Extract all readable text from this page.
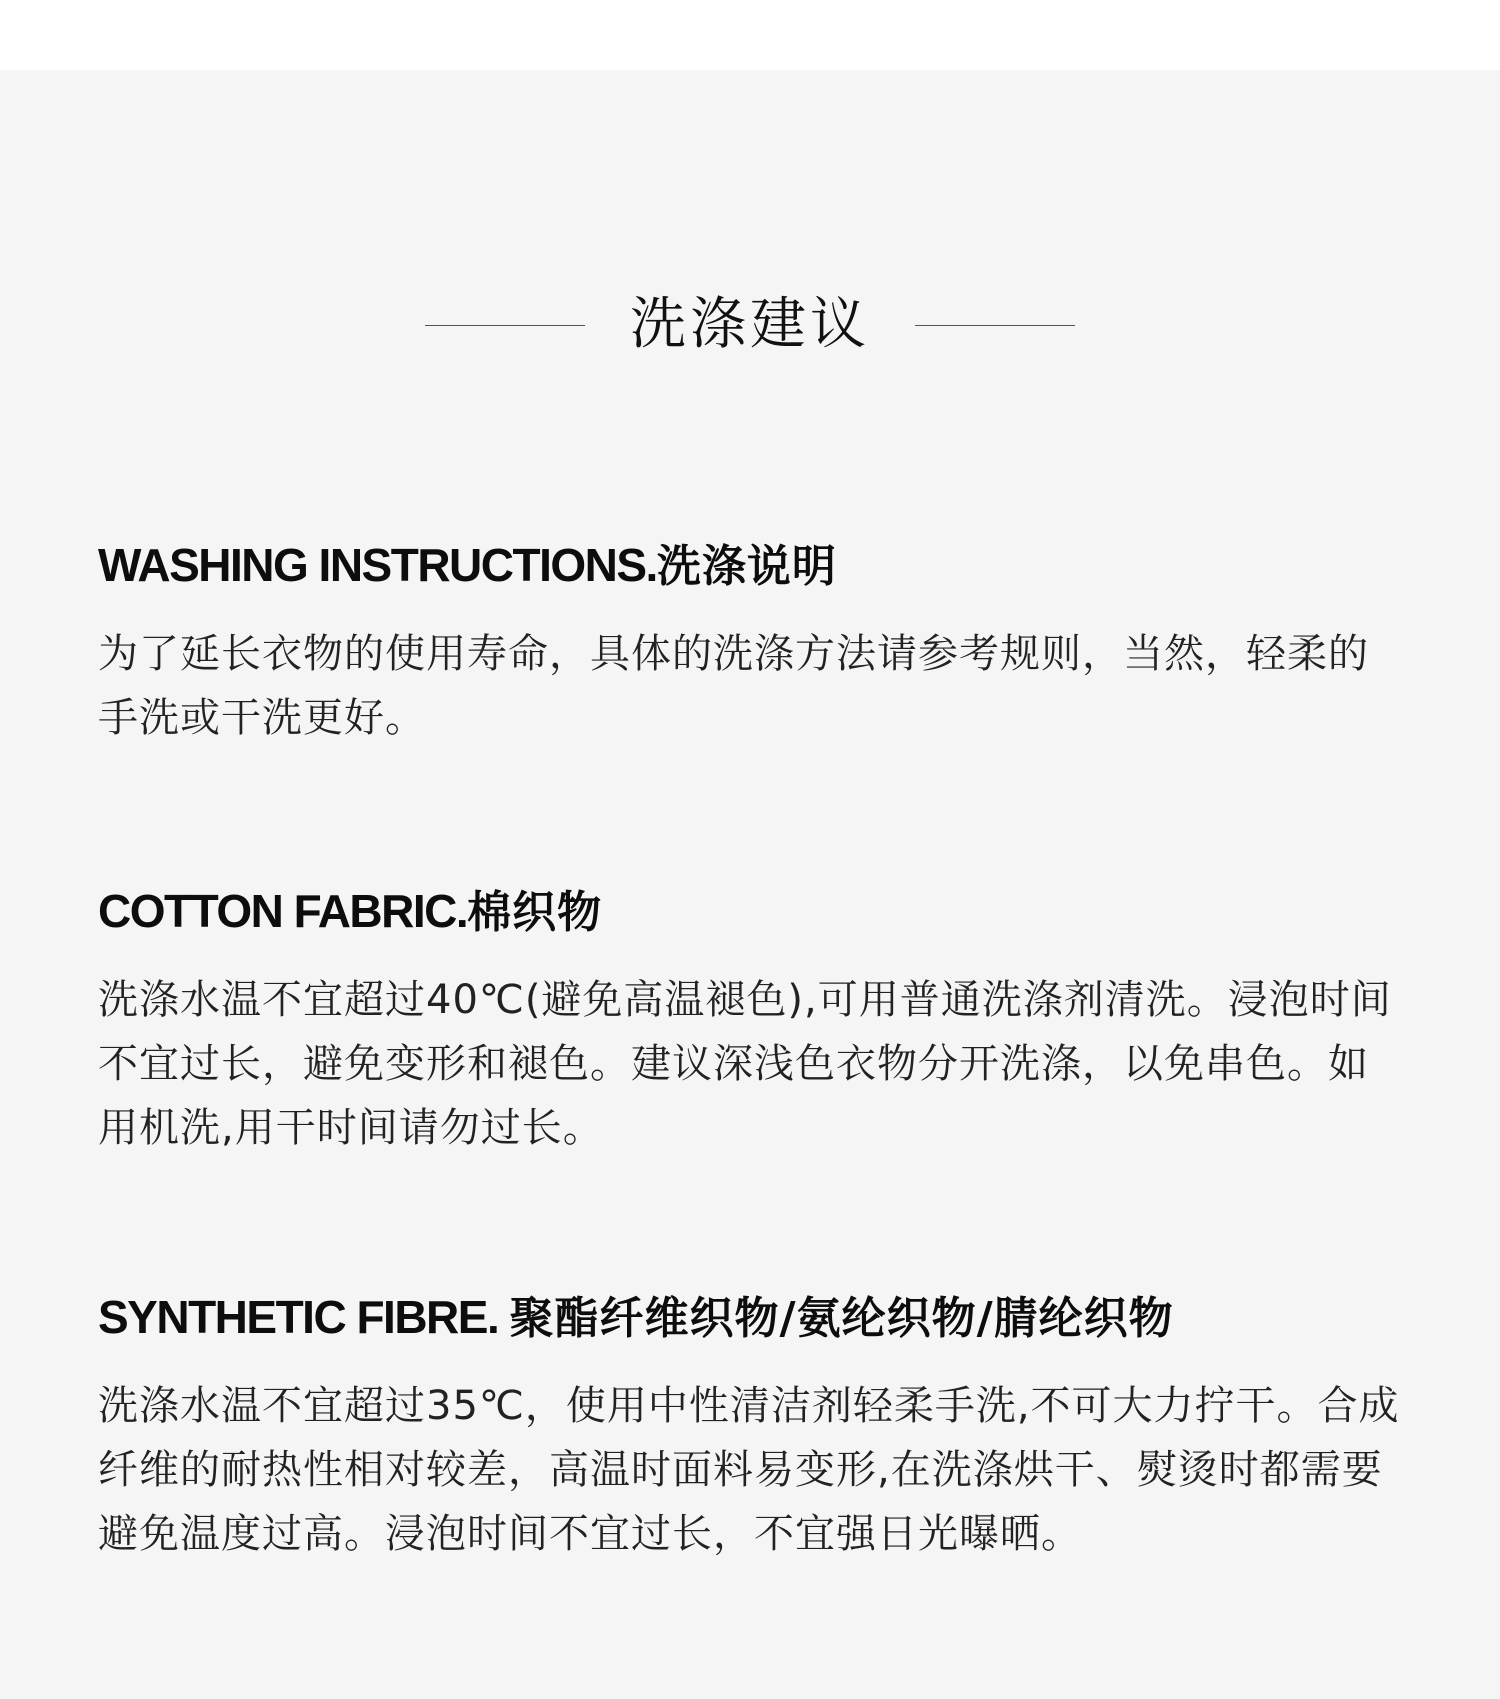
洗涤建议
WASHING INSTRUCTIONS.洗涤说明
为了延长衣物的使用寿命，具体的洗涤方法请参考规则，当然，轻柔的手洗或干洗更好。
COTTON FABRIC.棉织物
洗涤水温不宜超过40℃(避免高温褪色),可用普通洗涤剂清洗。浸泡时间不宜过长，避免变形和褪色。建议深浅色衣物分开洗涤，以免串色。如用机洗,用干时间请勿过长。
SYNTHETIC FIBRE. 聚酯纤维织物/氨纶织物/腈纶织物
洗涤水温不宜超过35℃，使用中性清洁剂轻柔手洗,不可大力拧干。合成纤维的耐热性相对较差，高温时面料易变形,在洗涤烘干、熨烫时都需要避免温度过高。浸泡时间不宜过长，不宜强日光曝晒。
